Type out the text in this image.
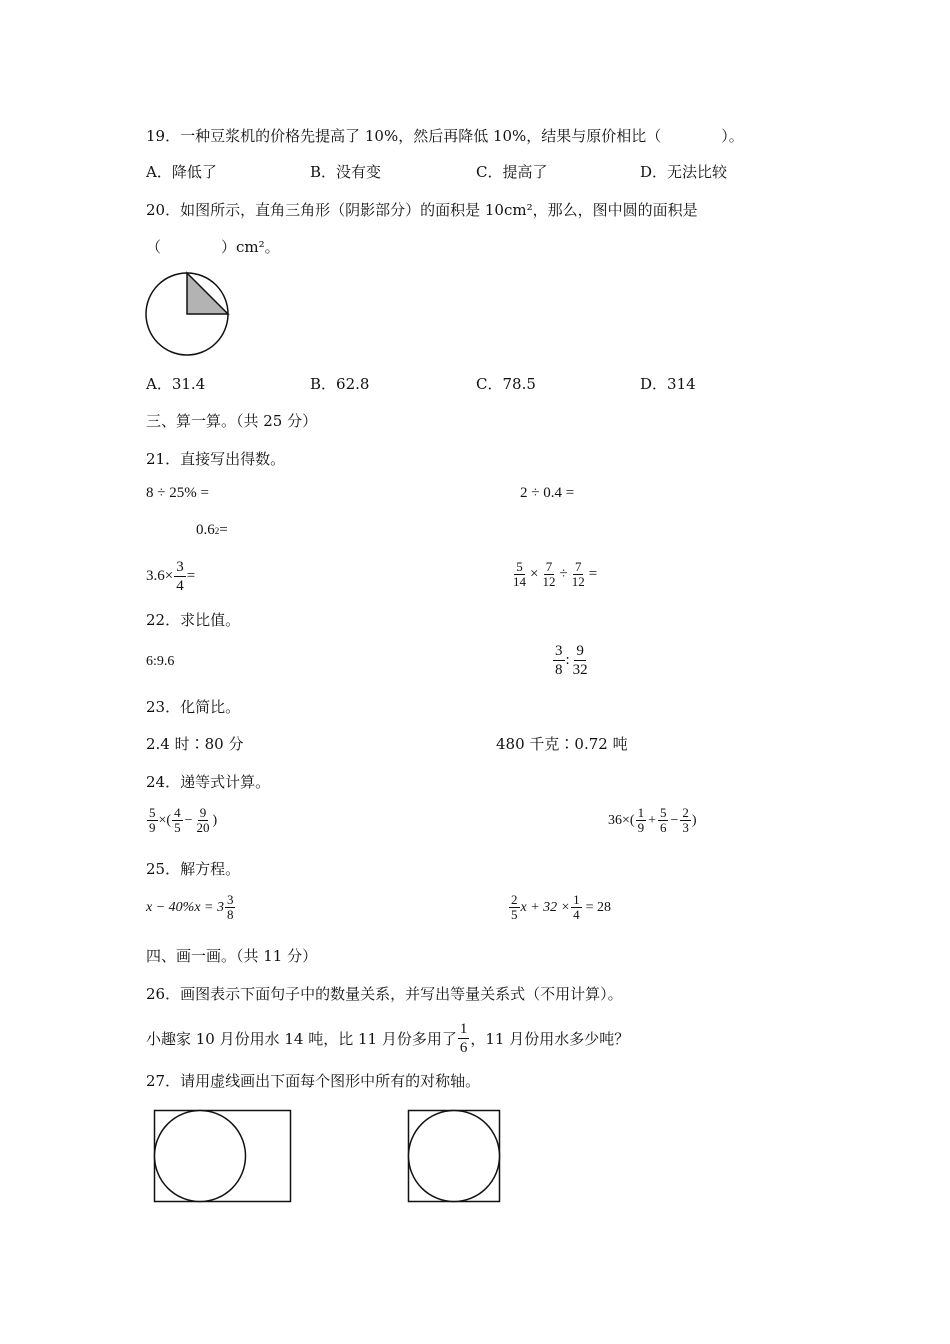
19．一种豆浆机的价格先提高了 10%，然后再降低 10%，结果与原价相比（　　　　）。
A．降低了	B．没有变	C．提高了	D．无法比较
20．如图所示，直角三角形（阴影部分）的面积是 10cm²，那么，图中圆的面积是
（　　　　）cm²。
A．31.4	B．62.8	C．78.5	D．314
三、算一算。（共 25 分）
21．直接写出得数。
8 ÷ 25% =	2 ÷ 0.4 =
0.6 2 =
$3.6\times \frac{3}{4}$ =	$\frac{5}{14} \times \frac{7}{12} \div \frac{7}{12}$ =
22．求比值。
6:9.6	$\frac{3}{8}$ : $\frac{9}{32}$
23．化简比。
2.4 时∶80 分	480 千克∶0.72 吨
24．递等式计算。
$\frac{5}{9}$ ×( $\frac{4}{5} - \frac{9}{20}$ )	$36\times( \frac{1}{9} + \frac{5}{6} - \frac{2}{3}$ )
25．解方程。
$x - 40\%x = 3 \frac{3}{8}$	$\frac{2}{5}$ $x + 32 \times \frac{1}{4} = 28$
四、画一画。（共 11 分）
26．画图表示下面句子中的数量关系，并写出等量关系式（不用计算）。
小趣家 10 月份用水 14 吨，比 11 月份多用了 $\frac{1}{6}$ ，11 月份用水多少吨？
27．请用虚线画出下面每个图形中所有的对称轴。
